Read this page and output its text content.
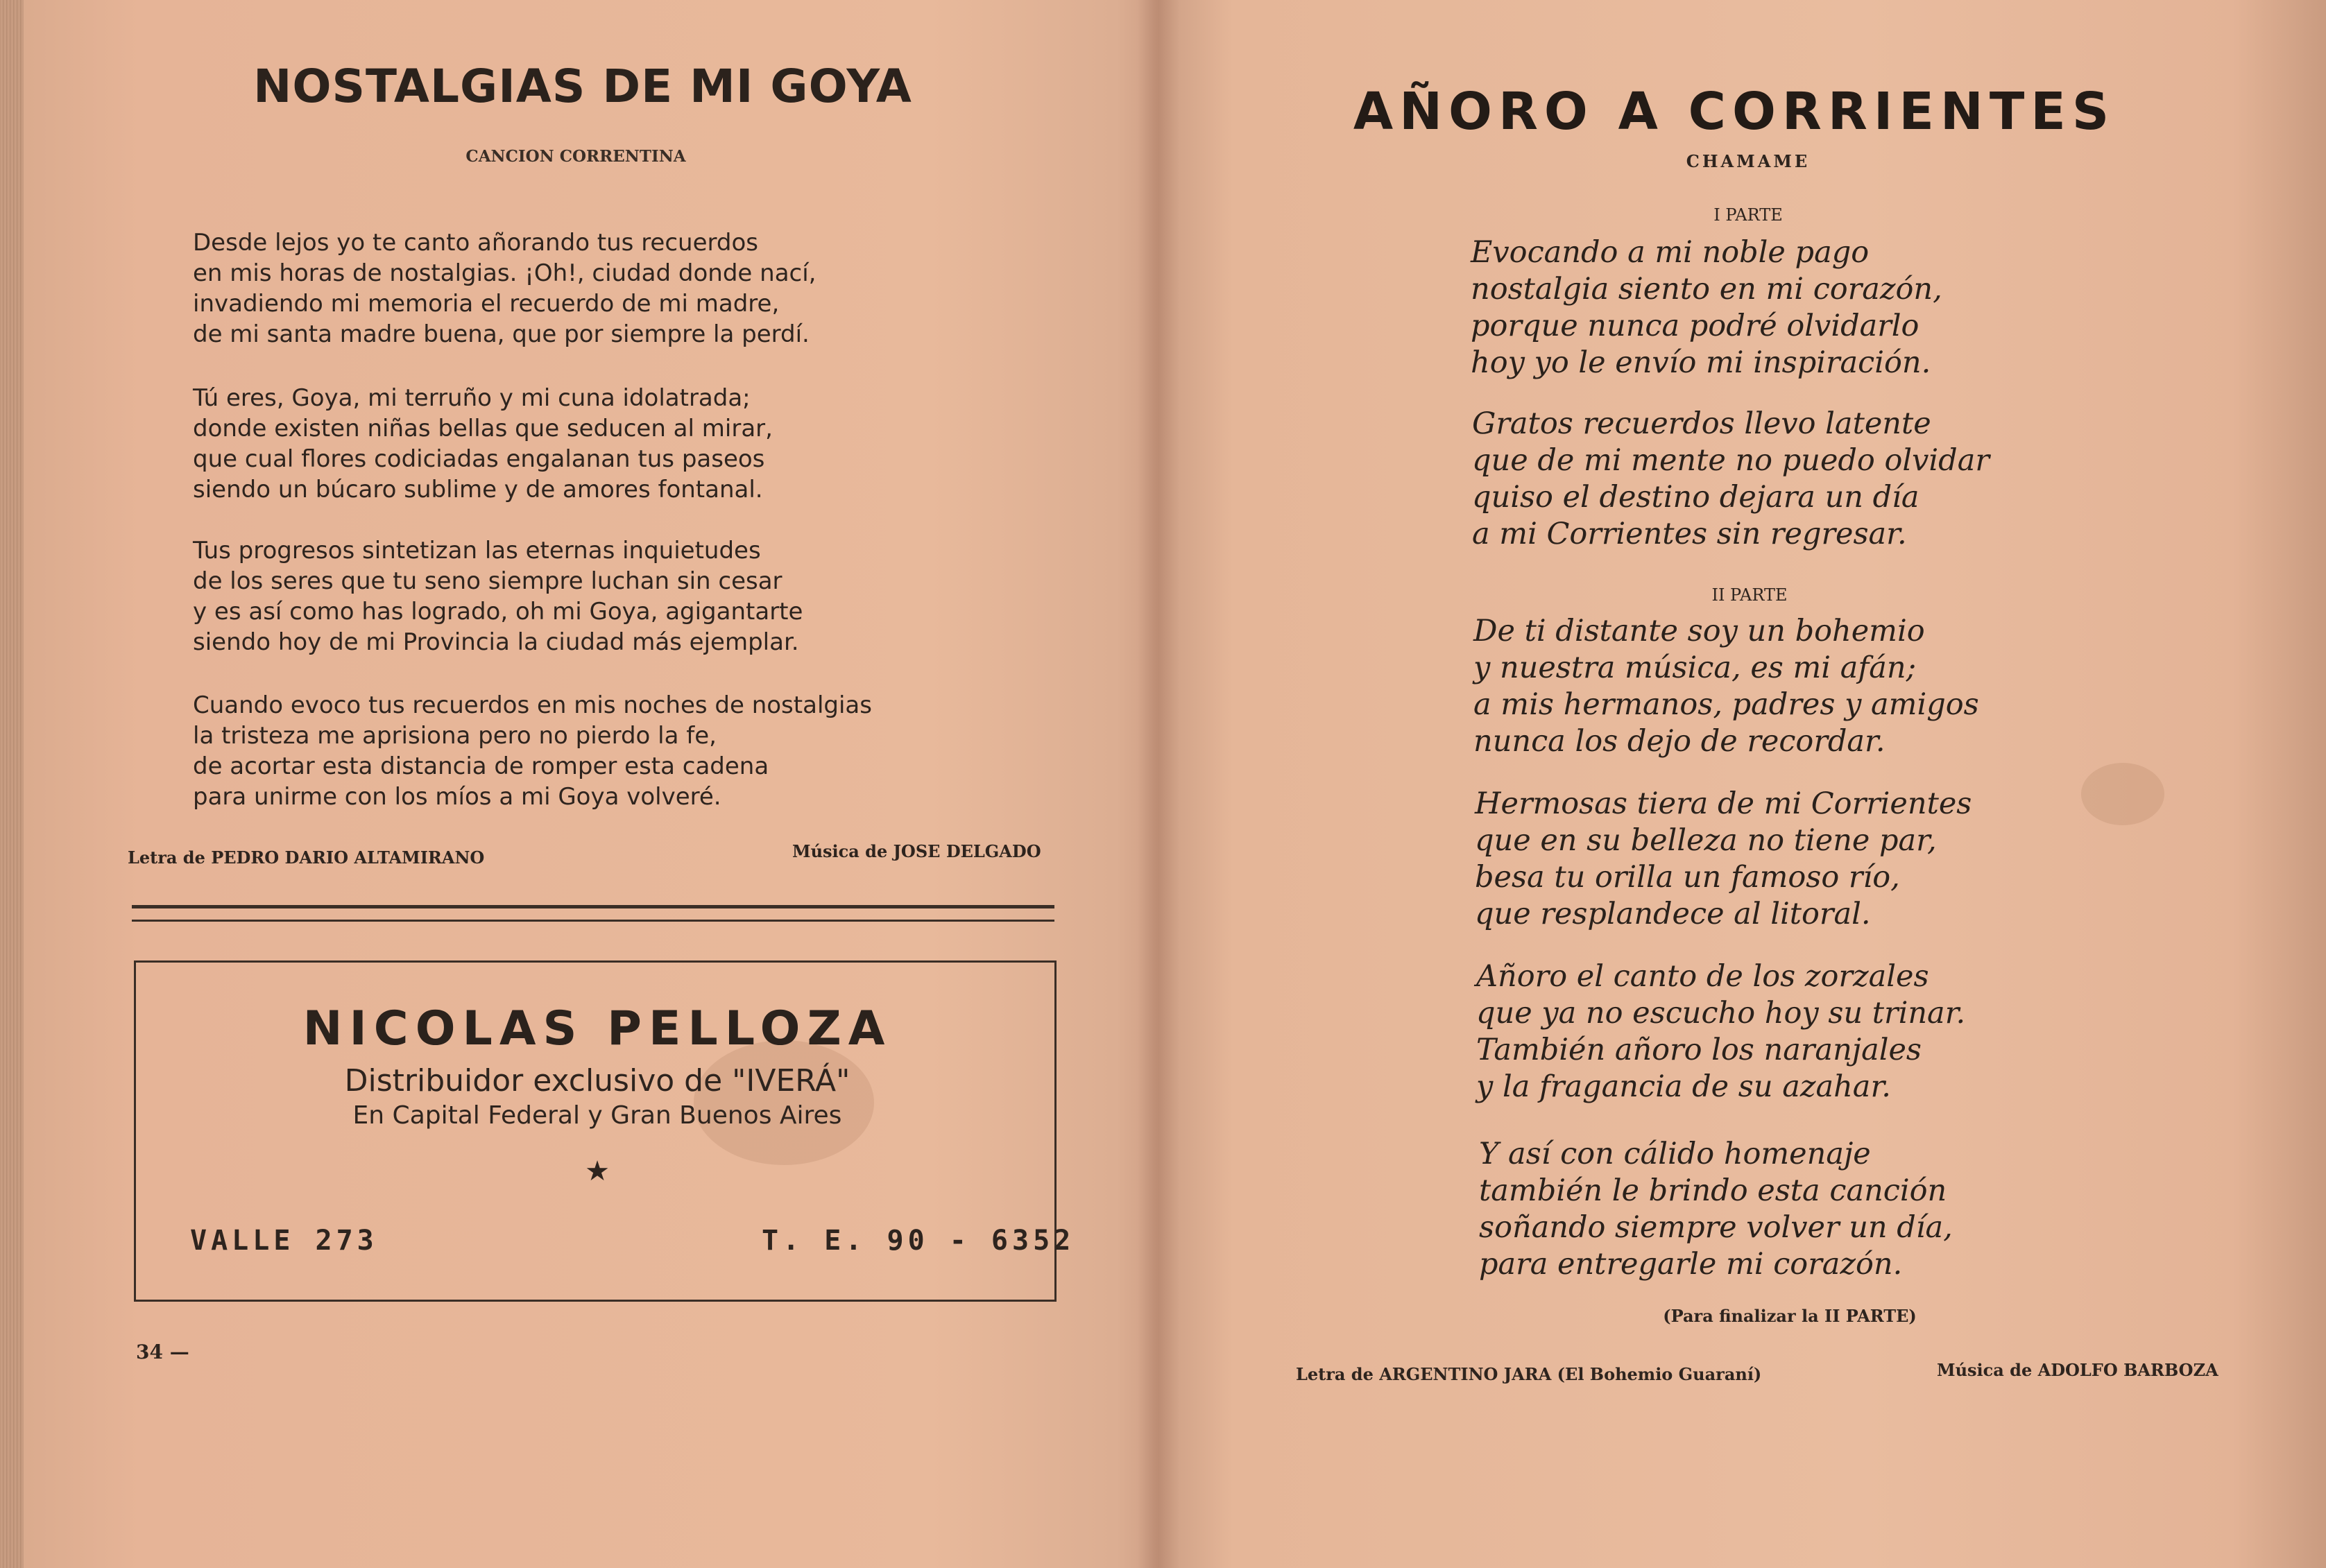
NOSTALGIAS DE MI GOYA
CANCION CORRENTINA
Desde lejos yo te canto añorando tus recuerdos
en mis horas de nostalgias. ¡Oh!, ciudad donde nací,
invadiendo mi memoria el recuerdo de mi madre,
de mi santa madre buena, que por siempre la perdí.
Tú eres, Goya, mi terruño y mi cuna idolatrada;
donde existen niñas bellas que seducen al mirar,
que cual flores codiciadas engalanan tus paseos
siendo un búcaro sublime y de amores fontanal.
Tus progresos sintetizan las eternas inquietudes
de los seres que tu seno siempre luchan sin cesar
y es así como has logrado, oh mi Goya, agigantarte
siendo hoy de mi Provincia la ciudad más ejemplar.
Cuando evoco tus recuerdos en mis noches de nostalgias
la tristeza me aprisiona pero no pierdo la fe,
de acortar esta distancia de romper esta cadena
para unirme con los míos a mi Goya volveré.
Letra de PEDRO DARIO ALTAMIRANO	Música de JOSE DELGADO
NICOLAS PELLOZA
Distribuidor exclusivo de "IVERÁ"
En Capital Federal y Gran Buenos Aires
★
VALLE 273	T. E. 90 - 6352
34 —
AÑORO A CORRIENTES
CHAMAME
I PARTE
Evocando a mi noble pago
nostalgia siento en mi corazón,
porque nunca podré olvidarlo
hoy yo le envío mi inspiración.
Gratos recuerdos llevo latente
que de mi mente no puedo olvidar
quiso el destino dejara un día
a mi Corrientes sin regresar.
II PARTE
De ti distante soy un bohemio
y nuestra música, es mi afán;
a mis hermanos, padres y amigos
nunca los dejo de recordar.
Hermosas tiera de mi Corrientes
que en su belleza no tiene par,
besa tu orilla un famoso río,
que resplandece al litoral.
Añoro el canto de los zorzales
que ya no escucho hoy su trinar.
También añoro los naranjales
y la fragancia de su azahar.
Y así con cálido homenaje
también le brindo esta canción
soñando siempre volver un día,
para entregarle mi corazón.
(Para finalizar la II PARTE)
Letra de ARGENTINO JARA (El Bohemio Guaraní)	Música de ADOLFO BARBOZA
